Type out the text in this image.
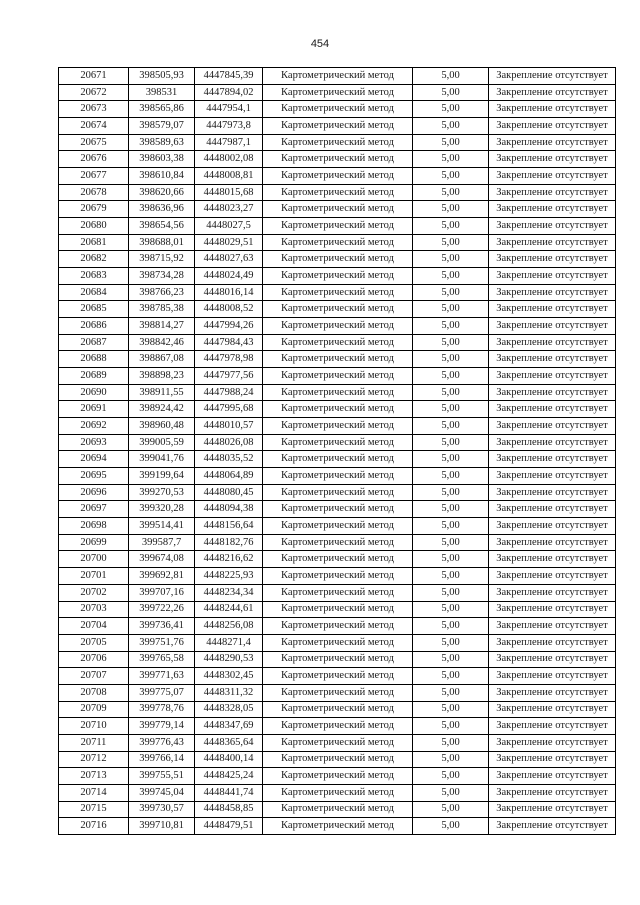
454
20671	398505,93	4447845,39	Картометрический метод	5,00	Закрепление отсутствует
20672	398531	4447894,02	Картометрический метод	5,00	Закрепление отсутствует
20673	398565,86	4447954,1	Картометрический метод	5,00	Закрепление отсутствует
20674	398579,07	4447973,8	Картометрический метод	5,00	Закрепление отсутствует
20675	398589,63	4447987,1	Картометрический метод	5,00	Закрепление отсутствует
20676	398603,38	4448002,08	Картометрический метод	5,00	Закрепление отсутствует
20677	398610,84	4448008,81	Картометрический метод	5,00	Закрепление отсутствует
20678	398620,66	4448015,68	Картометрический метод	5,00	Закрепление отсутствует
20679	398636,96	4448023,27	Картометрический метод	5,00	Закрепление отсутствует
20680	398654,56	4448027,5	Картометрический метод	5,00	Закрепление отсутствует
20681	398688,01	4448029,51	Картометрический метод	5,00	Закрепление отсутствует
20682	398715,92	4448027,63	Картометрический метод	5,00	Закрепление отсутствует
20683	398734,28	4448024,49	Картометрический метод	5,00	Закрепление отсутствует
20684	398766,23	4448016,14	Картометрический метод	5,00	Закрепление отсутствует
20685	398785,38	4448008,52	Картометрический метод	5,00	Закрепление отсутствует
20686	398814,27	4447994,26	Картометрический метод	5,00	Закрепление отсутствует
20687	398842,46	4447984,43	Картометрический метод	5,00	Закрепление отсутствует
20688	398867,08	4447978,98	Картометрический метод	5,00	Закрепление отсутствует
20689	398898,23	4447977,56	Картометрический метод	5,00	Закрепление отсутствует
20690	398911,55	4447988,24	Картометрический метод	5,00	Закрепление отсутствует
20691	398924,42	4447995,68	Картометрический метод	5,00	Закрепление отсутствует
20692	398960,48	4448010,57	Картометрический метод	5,00	Закрепление отсутствует
20693	399005,59	4448026,08	Картометрический метод	5,00	Закрепление отсутствует
20694	399041,76	4448035,52	Картометрический метод	5,00	Закрепление отсутствует
20695	399199,64	4448064,89	Картометрический метод	5,00	Закрепление отсутствует
20696	399270,53	4448080,45	Картометрический метод	5,00	Закрепление отсутствует
20697	399320,28	4448094,38	Картометрический метод	5,00	Закрепление отсутствует
20698	399514,41	4448156,64	Картометрический метод	5,00	Закрепление отсутствует
20699	399587,7	4448182,76	Картометрический метод	5,00	Закрепление отсутствует
20700	399674,08	4448216,62	Картометрический метод	5,00	Закрепление отсутствует
20701	399692,81	4448225,93	Картометрический метод	5,00	Закрепление отсутствует
20702	399707,16	4448234,34	Картометрический метод	5,00	Закрепление отсутствует
20703	399722,26	4448244,61	Картометрический метод	5,00	Закрепление отсутствует
20704	399736,41	4448256,08	Картометрический метод	5,00	Закрепление отсутствует
20705	399751,76	4448271,4	Картометрический метод	5,00	Закрепление отсутствует
20706	399765,58	4448290,53	Картометрический метод	5,00	Закрепление отсутствует
20707	399771,63	4448302,45	Картометрический метод	5,00	Закрепление отсутствует
20708	399775,07	4448311,32	Картометрический метод	5,00	Закрепление отсутствует
20709	399778,76	4448328,05	Картометрический метод	5,00	Закрепление отсутствует
20710	399779,14	4448347,69	Картометрический метод	5,00	Закрепление отсутствует
20711	399776,43	4448365,64	Картометрический метод	5,00	Закрепление отсутствует
20712	399766,14	4448400,14	Картометрический метод	5,00	Закрепление отсутствует
20713	399755,51	4448425,24	Картометрический метод	5,00	Закрепление отсутствует
20714	399745,04	4448441,74	Картометрический метод	5,00	Закрепление отсутствует
20715	399730,57	4448458,85	Картометрический метод	5,00	Закрепление отсутствует
20716	399710,81	4448479,51	Картометрический метод	5,00	Закрепление отсутствует
